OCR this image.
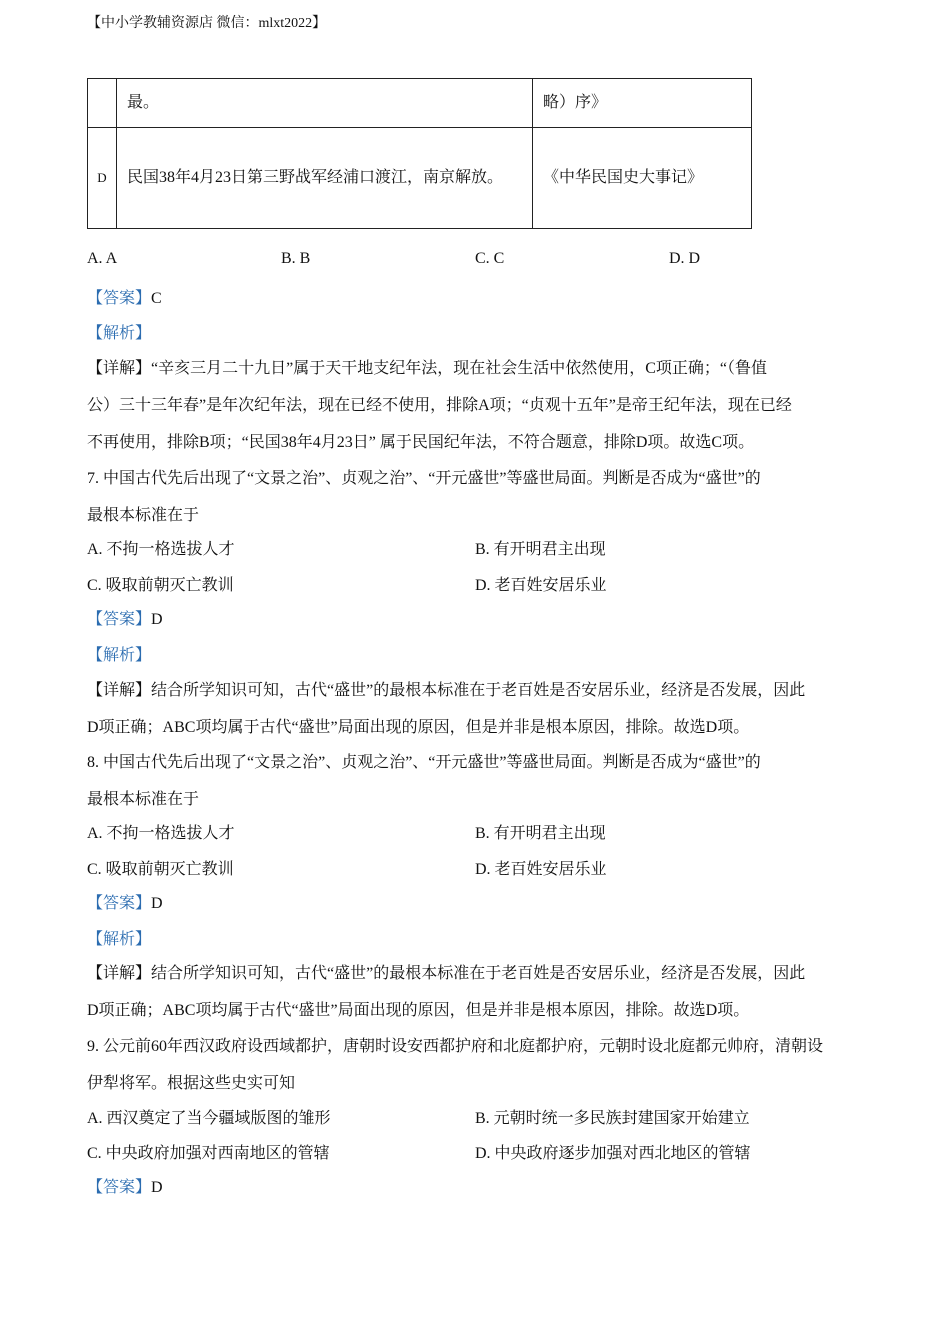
【中小学教辅资源店 微信：mlxt2022】
	最。	略）序》
D	民国38年4月23日第三野战军经浦口渡江，南京解放。	《中华民国史大事记》
A. A	B. B	C. C	D. D
【答案】C
【解析】
【详解】“辛亥三月二十九日”属于天干地支纪年法，现在社会生活中依然使用，C项正确；“（鲁值
公）三十三年春”是年次纪年法，现在已经不使用，排除A项；“贞观十五年”是帝王纪年法，现在已经
不再使用，排除B项；“民国38年4月23日” 属于民国纪年法，不符合题意，排除D项。故选C项。
7. 中国古代先后出现了“文景之治”、贞观之治”、“开元盛世”等盛世局面。判断是否成为“盛世”的
最根本标准在于
A. 不拘一格选拔人才	B. 有开明君主出现
C. 吸取前朝灭亡教训	D. 老百姓安居乐业
【答案】D
【解析】
【详解】结合所学知识可知，古代“盛世”的最根本标准在于老百姓是否安居乐业，经济是否发展，因此
D项正确；ABC项均属于古代“盛世”局面出现的原因，但是并非是根本原因，排除。故选D项。
8. 中国古代先后出现了“文景之治”、贞观之治”、“开元盛世”等盛世局面。判断是否成为“盛世”的
最根本标准在于
A. 不拘一格选拔人才	B. 有开明君主出现
C. 吸取前朝灭亡教训	D. 老百姓安居乐业
【答案】D
【解析】
【详解】结合所学知识可知，古代“盛世”的最根本标准在于老百姓是否安居乐业，经济是否发展，因此
D项正确；ABC项均属于古代“盛世”局面出现的原因，但是并非是根本原因，排除。故选D项。
9. 公元前60年西汉政府设西域都护，唐朝时设安西都护府和北庭都护府，元朝时设北庭都元帅府，清朝设
伊犁将军。根据这些史实可知
A. 西汉奠定了当今疆域版图的雏形	B. 元朝时统一多民族封建国家开始建立
C. 中央政府加强对西南地区的管辖	D. 中央政府逐步加强对西北地区的管辖
【答案】D
